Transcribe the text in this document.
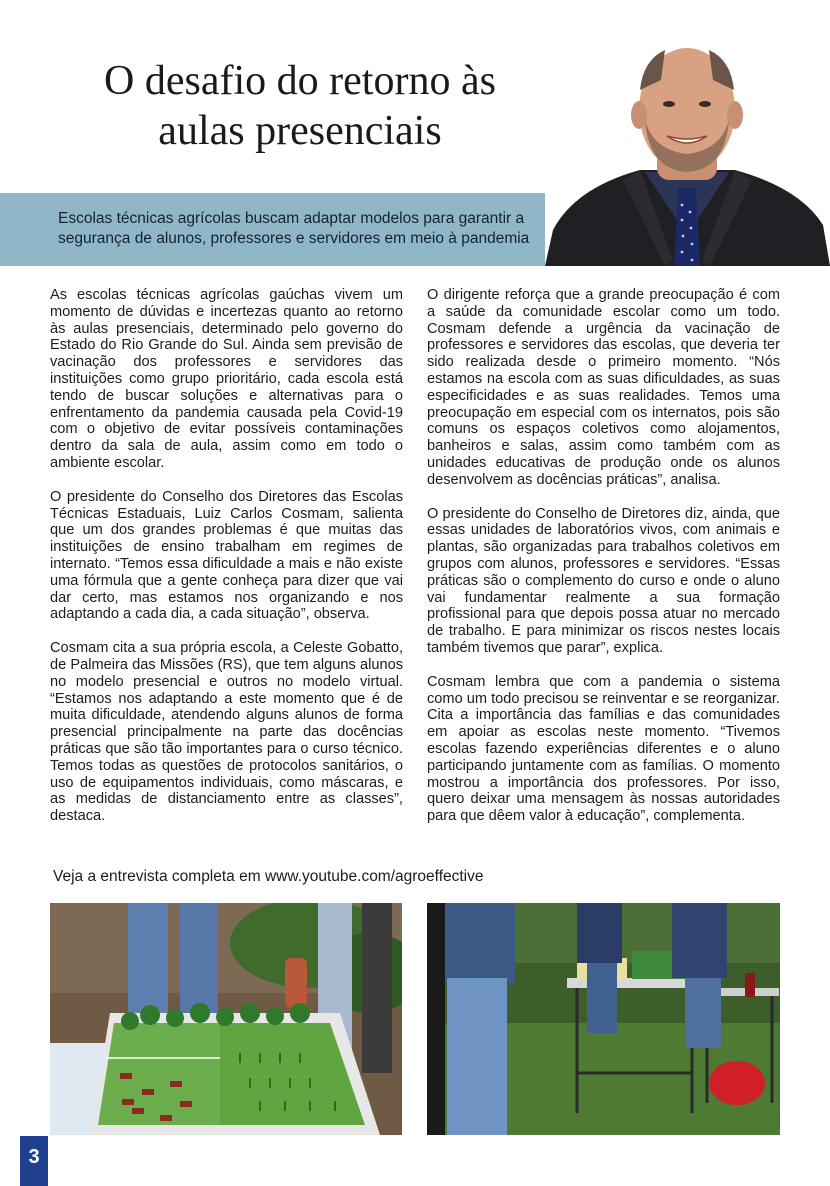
O desafio do retorno às
aulas presenciais
Escolas técnicas agrícolas buscam adaptar modelos para garantir a
segurança de alunos, professores e servidores em meio à pandemia

As escolas técnicas agrícolas gaúchas vivem um momento de dúvidas e incertezas quanto ao retorno às aulas presenciais, determinado pelo governo do Estado do Rio Grande do Sul. Ainda sem previsão de vacinação dos professores e servidores das instituições como grupo prioritário, cada escola está tendo de buscar soluções e alternativas para o enfrentamento da pandemia causada pela Covid-19 com o objetivo de evitar possíveis contaminações dentro da sala de aula, assim como em todo o ambiente escolar.

O presidente do Conselho dos Diretores das Escolas Técnicas Estaduais, Luiz Carlos Cosmam, salienta que um dos grandes problemas é que muitas das instituições de ensino trabalham em regimes de internato. “Temos essa dificuldade a mais e não existe uma fórmula que a gente conheça para dizer que vai dar certo, mas estamos nos organizando e nos adaptando a cada dia, a cada situação”, observa.

Cosmam cita a sua própria escola, a Celeste Gobatto, de Palmeira das Missões (RS), que tem alguns alunos no modelo presencial e outros no modelo virtual. “Estamos nos adaptando a este momento que é de muita dificuldade, atendendo alguns alunos de forma presencial principalmente na parte das docências práticas que são tão importantes para o curso técnico. Temos todas as questões de protocolos sanitários, o uso de equipamentos individuais, como máscaras, e as medidas de distanciamento entre as classes”, destaca.

O dirigente reforça que a grande preocupação é com a saúde da comunidade escolar como um todo. Cosmam defende a urgência da vacinação de professores e servidores das escolas, que deveria ter sido realizada desde o primeiro momento. “Nós estamos na escola com as suas dificuldades, as suas especificidades e as suas realidades. Temos uma preocupação em especial com os internatos, pois são comuns os espaços coletivos como alojamentos, banheiros e salas, assim como também com as unidades educativas de produção onde os alunos desenvolvem as docências práticas”, analisa.

O presidente do Conselho de Diretores diz, ainda, que essas unidades de laboratórios vivos, com animais e plantas, são organizadas para trabalhos coletivos em grupos com alunos, professores e servidores. “Essas práticas são o complemento do curso e onde o aluno vai fundamentar realmente a sua formação profissional para que depois possa atuar no mercado de trabalho. E para minimizar os riscos nestes locais também tivemos que parar”, explica.

Cosmam lembra que com a pandemia o sistema como um todo precisou se reinventar e se reorganizar. Cita a importância das famílias e das comunidades em apoiar as escolas neste momento. “Tivemos escolas fazendo experiências diferentes e o aluno participando juntamente com as famílias. O momento mostrou a importância dos professores. Por isso, quero deixar uma mensagem às nossas autoridades para que dêem valor à educação”, complementa.

Veja a entrevista completa em www.youtube.com/agroeffective
3
